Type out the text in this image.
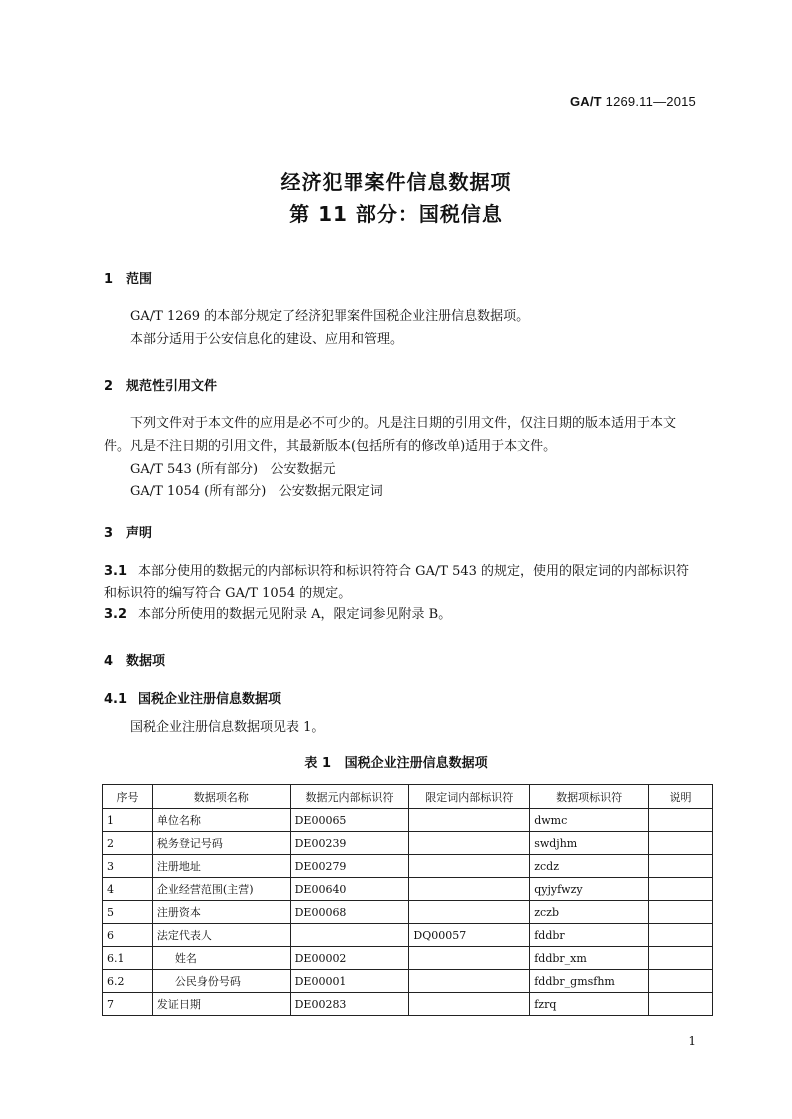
GA/T 1269.11—2015
经济犯罪案件信息数据项
第 11 部分：国税信息
1 范围
GA/T 1269 的本部分规定了经济犯罪案件国税企业注册信息数据项。
本部分适用于公安信息化的建设、应用和管理。
2 规范性引用文件
下列文件对于本文件的应用是必不可少的。凡是注日期的引用文件，仅注日期的版本适用于本文
件。凡是不注日期的引用文件，其最新版本(包括所有的修改单)适用于本文件。
GA/T 543 (所有部分)   公安数据元
GA/T 1054 (所有部分)   公安数据元限定词
3 声明
3.1 本部分使用的数据元的内部标识符和标识符符合 GA/T 543 的规定，使用的限定词的内部标识符
和标识符的编写符合 GA/T 1054 的规定。
3.2 本部分所使用的数据元见附录 A，限定词参见附录 B。
4 数据项
4.1 国税企业注册信息数据项
国税企业注册信息数据项见表 1。
表 1   国税企业注册信息数据项
序号	数据项名称	数据元内部标识符	限定词内部标识符	数据项标识符	说明
1	单位名称	DE00065		dwmc	
2	税务登记号码	DE00239		swdjhm	
3	注册地址	DE00279		zcdz	
4	企业经营范围(主营)	DE00640		qyjyfwzy	
5	注册资本	DE00068		zczb	
6	法定代表人		DQ00057	fddbr	
6.1	姓名	DE00002		fddbr_xm	
6.2	公民身份号码	DE00001		fddbr_gmsfhm	
7	发证日期	DE00283		fzrq	
1
